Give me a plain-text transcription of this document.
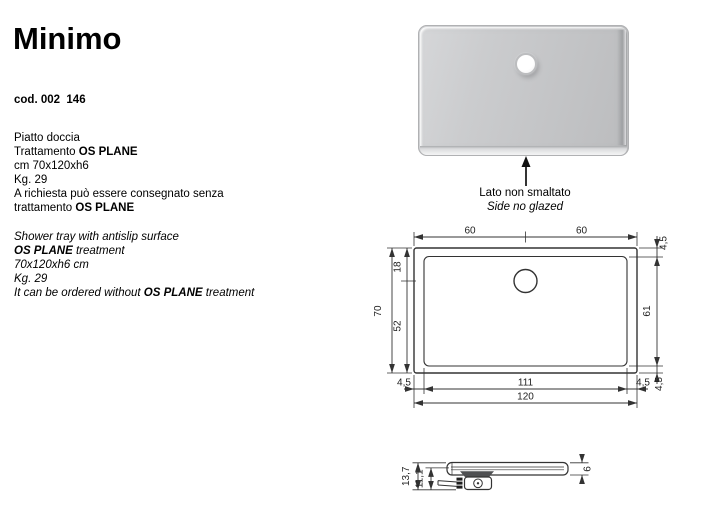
Minimo
cod. 002  146
Piatto doccia
Trattamento OS PLANE
cm 70x120xh6
Kg. 29
A richiesta può essere consegnato senza
trattamento OS PLANE
Shower tray with antislip surface
OS PLANE treatment
70x120xh6 cm
Kg. 29
It can be ordered without OS PLANE treatment
Lato non smaltato
Side no glazed
60	60
4,5
61
4,5
70
18
52
4,5	111	4,5
120
13,7 11,1
6
